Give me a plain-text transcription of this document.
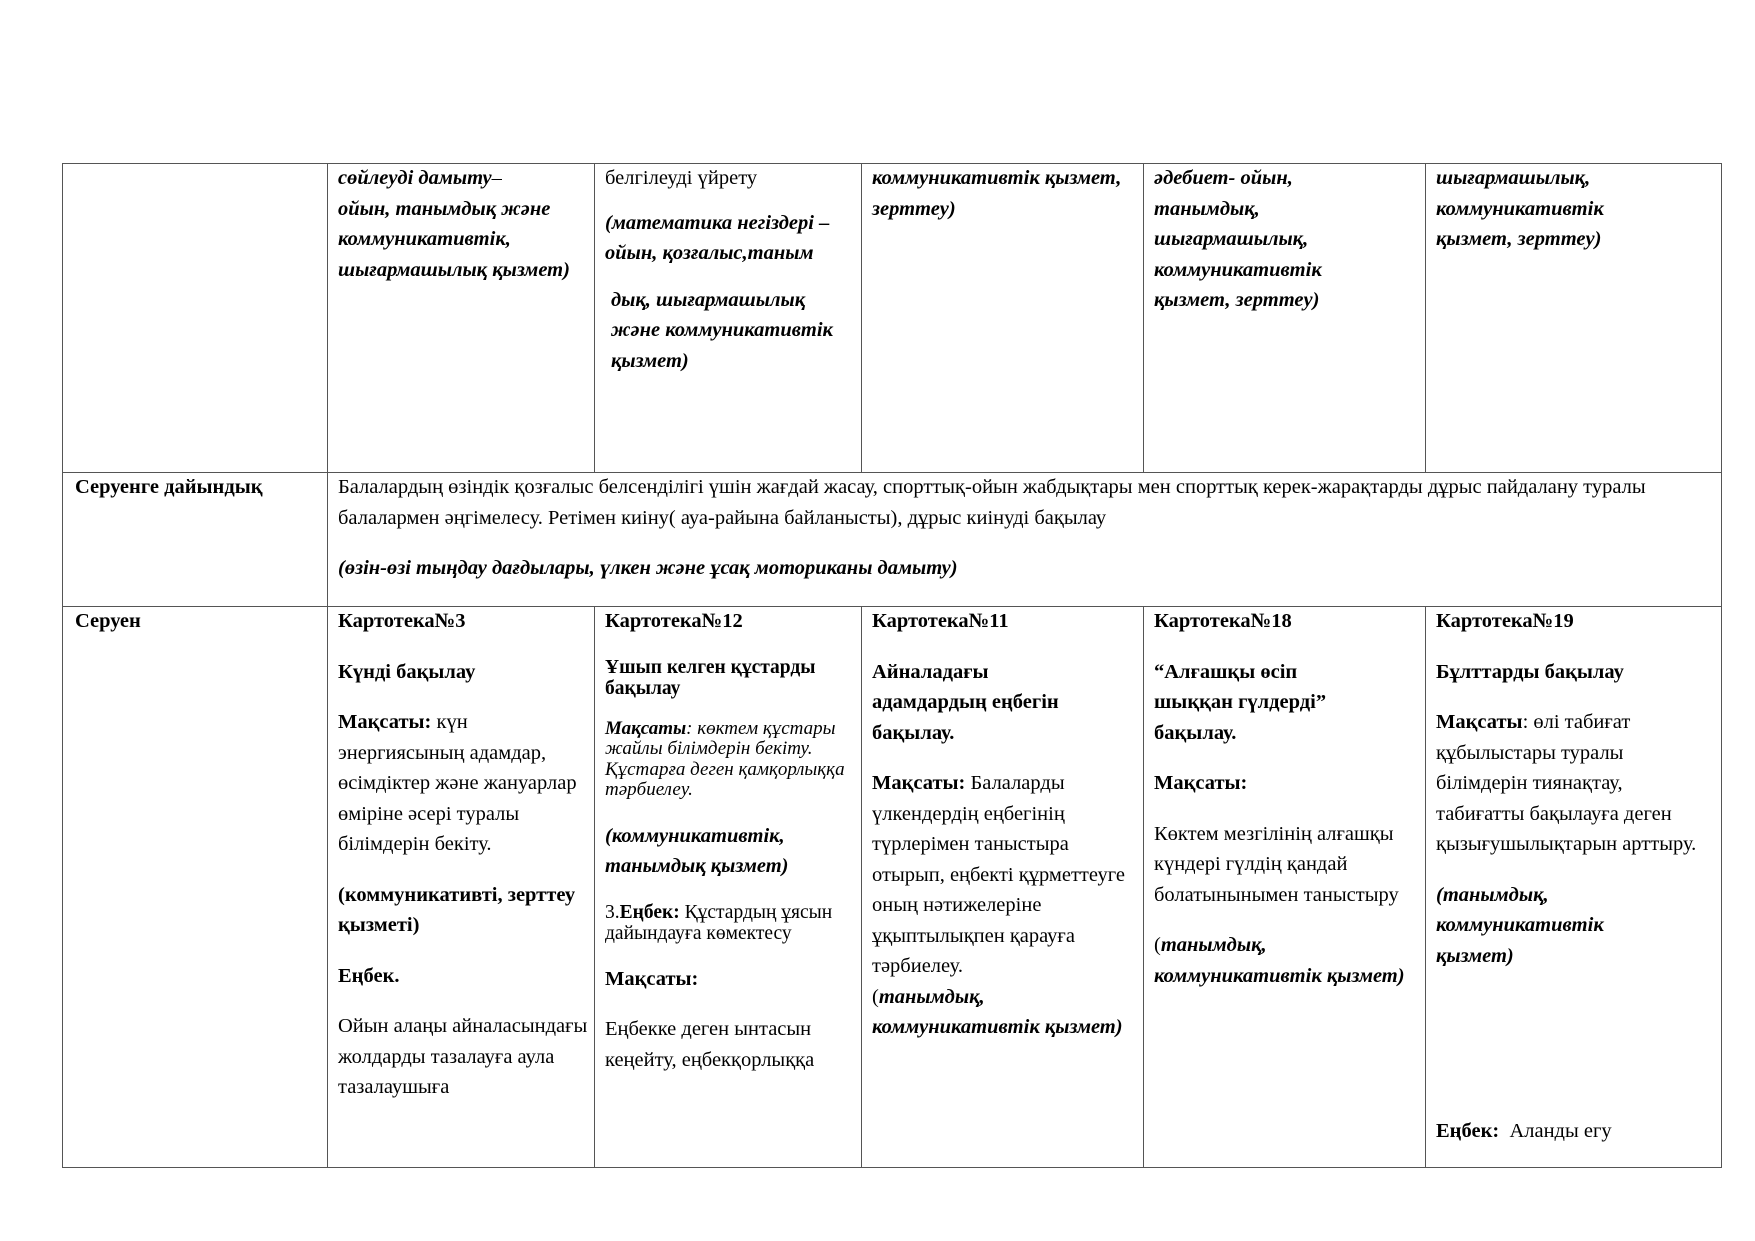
сөйлеуді дамыту–
ойын, танымдық және коммуникативтік, шығармашылық қызмет)

белгілеуді үйрету

(математика негіздері – ойын, қозғалыс,таным

дық, шығармашылық және коммуникативтік қызмет)

коммуникативтік қызмет, зерттеу)

әдебиет- ойын, танымдық, шығармашылық, коммуникативтік қызмет, зерттеу)

шығармашылық, коммуникативтік қызмет, зерттеу)

Серуенге дайындық	Балалардың өзіндік қозғалыс белсенділігі үшін жағдай жасау, спорттық-ойын жабдықтары мен спорттық керек-жарақтарды дұрыс пайдалану туралы балалармен әңгімелесу. Ретімен киіну( ауа-райына байланысты), дұрыс киінуді бақылау

(өзін-өзі тыңдау дағдылары, үлкен және ұсақ моториканы дамыту)

Серуен	Картотека№3

Күнді бақылау

Мақсаты: күн энергиясының адамдар, өсімдіктер және жануарлар өміріне әсері туралы білімдерін бекіту.

(коммуникативті, зерттеу қызметі)

Еңбек.

Ойын алаңы айналасындағы жолдарды тазалауға аула тазалаушыға

Картотека№12

Ұшып келген құстарды бақылау

Мақсаты: көктем құстары жайлы білімдерін бекіту. Құстарға деген қамқорлыққа тәрбиелеу.

(коммуникативтік, танымдық қызмет)

3.Еңбек: Құстардың ұясын дайындауға көмектесу

Мақсаты:

Еңбекке деген ынтасын кеңейту, еңбекқорлыққа

Картотека№11

Айналадағы адамдардың еңбегін бақылау.

Мақсаты: Балаларды үлкендердің еңбегінің түрлерімен таныстыра отырып, еңбекті құрметтеуге оның нәтижелеріне ұқыптылықпен қарауға тәрбиелеу.
(танымдық, коммуникативтік қызмет)

Картотека№18

“Алғашқы өсіп шыққан гүлдерді” бақылау.

Мақсаты:

Көктем мезгілінің алғашқы күндері гүлдің қандай болатынынымен таныстыру

(танымдық, коммуникативтік қызмет)

Картотека№19

Бұлттарды бақылау

Мақсаты: өлі табиғат құбылыстары туралы білімдерін тиянақтау, табиғатты бақылауға деген қызығушылықтарын арттыру.

(танымдық, коммуникативтік қызмет)

Еңбек:  Аланды егу
